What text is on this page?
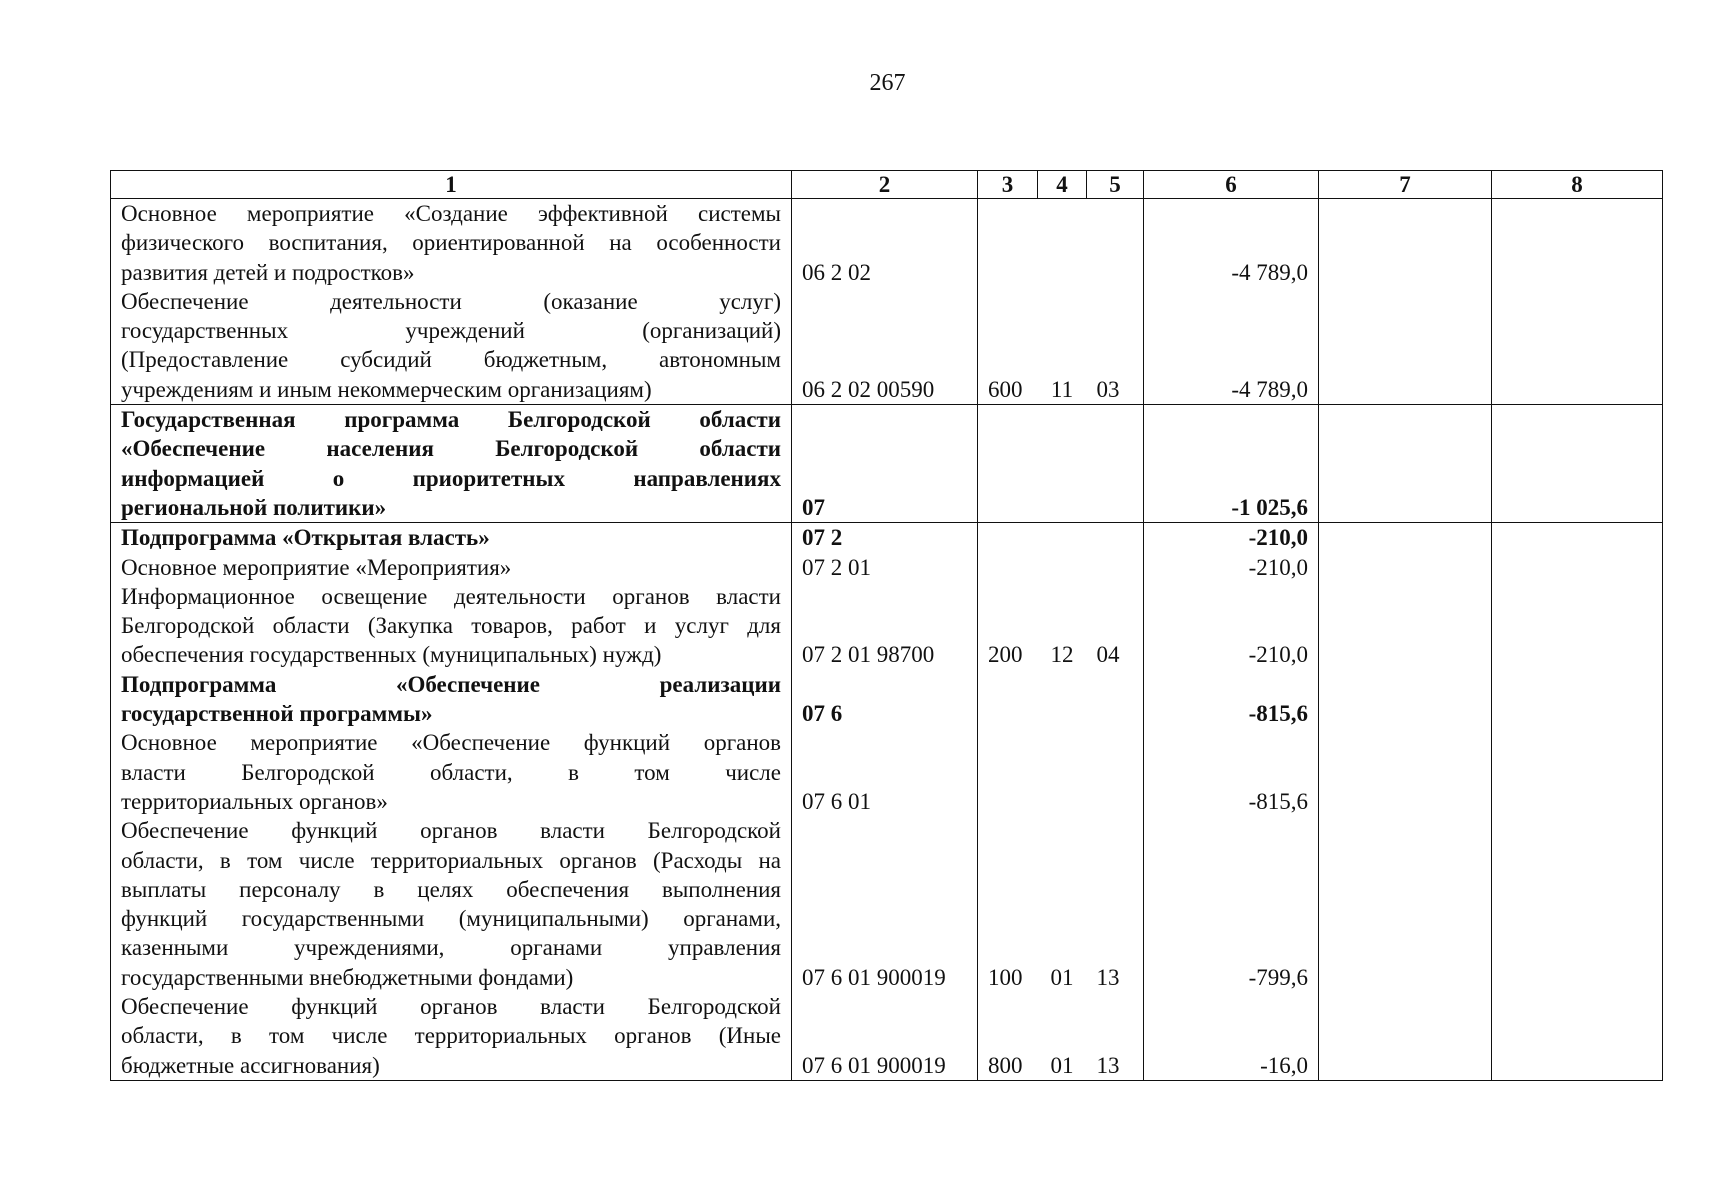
267
1	2	3	4	5	6	7	8
Основное мероприятие «Создание эффективной системы							
физического воспитания, ориентированной на особенности							
развития детей и подростков»	06 2 02				-4 789,0		
Обеспечение деятельности (оказание услуг)							
государственных учреждений (организаций)							
(Предоставление субсидий бюджетным, автономным							
учреждениям и иным некоммерческим организациям)	06 2 02 00590	600	11	03	-4 789,0		
Государственная программа Белгородской области							
«Обеспечение населения Белгородской области							
информацией о приоритетных направлениях							
региональной политики»	07				-1 025,6		
Подпрограмма «Открытая власть»	07 2				-210,0		
Основное мероприятие «Мероприятия»	07 2 01				-210,0		
Информационное освещение деятельности органов власти							
Белгородской области (Закупка товаров, работ и услуг для							
обеспечения государственных (муниципальных) нужд)	07 2 01 98700	200	12	04	-210,0		
Подпрограмма «Обеспечение реализации							
государственной программы»	07 6				-815,6		
Основное мероприятие «Обеспечение функций органов							
власти Белгородской области, в том числе							
территориальных органов»	07 6 01				-815,6		
Обеспечение функций органов власти Белгородской							
области, в том числе территориальных органов (Расходы на							
выплаты персоналу в целях обеспечения выполнения							
функций государственными (муниципальными) органами,							
казенными учреждениями, органами управления							
государственными внебюджетными фондами)	07 6 01 900019	100	01	13	-799,6		
Обеспечение функций органов власти Белгородской							
области, в том числе территориальных органов (Иные							
бюджетные ассигнования)	07 6 01 900019	800	01	13	-16,0		
